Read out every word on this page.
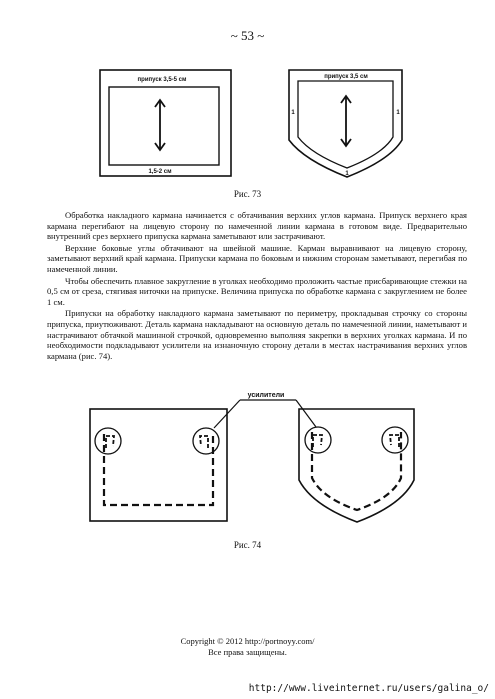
~ 53 ~
припуск 3,5-5 см
1,5-2 см
припуск 3,5 см
1	1
1
Рис. 73

Обработка накладного кармана начинается с обтачивания верхних углов кармана. Припуск верхнего края кармана перегибают на лицевую сторону по намеченной линии кармана в готовом виде. Предварительно внутренний срез верхнего припуска кармана заметывают или застрачивают.

Верхние боковые углы обтачивают на швейной машине. Карман выравнивают на лицевую сторону, заметывают верхний край кармана. Припуски кармана по боковым и нижним сторонам заметывают, перегибая по намеченной линии.

Чтобы обеспечить плавное закругление в уголках необходимо проложить частые присбаривающие стежки на 0,5 см от среза, стягивая ниточки на припуске. Величина припуска по обработке кармана с закруглением не более 1 см.

Припуски на обработку накладного кармана заметывают по периметру, прокладывая строчку со стороны припуска, приутюживают. Деталь кармана накладывают на основную деталь по намеченной линии, наметывают и настрачивают обтачкой машинной строчкой, одновременно выполняя закрепки в верхних уголках кармана. И по необходимости подкладывают усилители на изнаночную сторону детали в местах настрачивания верхних углов кармана (рис. 74).

усилители
Рис. 74
Copyright © 2012 http://portnoyy.com/
Все права защищены.
http://www.liveinternet.ru/users/galina_o/
